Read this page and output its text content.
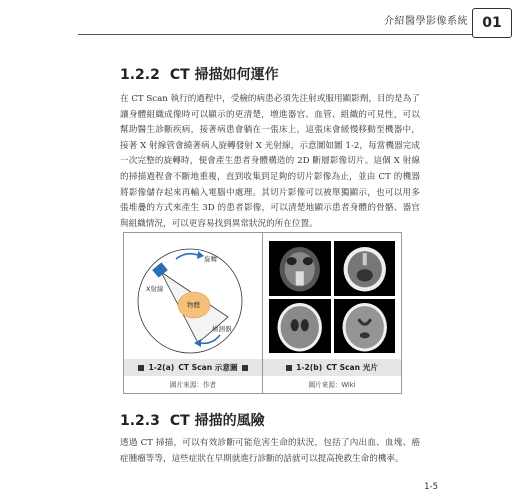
介紹醫學影像系統	01
1.2.2 CT 掃描如何運作
在 CT Scan 執行的過程中，受檢的病患必須先注射或服用顯影劑，目的是為了讓身體組織成像時可以顯示的更清楚，增進器官、血管、組織的可見性，可以幫助醫生診斷疾病，接著病患會躺在一張床上，這張床會緩慢移動至機器中，接著 X 射線管會繞著病人旋轉發射 X 光射線，示意圖如圖 1-2，每當機器完成一次完整的旋轉時，便會產生患者身體構造的 2D 斷層影像切片。這個 X 射線的掃描過程會不斷地重複，直到收集到足夠的切片影像為止，並由 CT 的機器將影像儲存起來再輸入電腦中處理。其切片影像可以被單獨顯示，也可以用多張堆疊的方式來產生 3D 的患者影像，可以清楚地顯示患者身體的骨骼、器官與組織情況，可以更容易找到異常狀況的所在位置。
旋轉
X射線
物體
檢測器
1-2(a) CT Scan 示意圖
圖片來源：作者
1-2(b) CT Scan 光片
圖片來源：Wiki
1.2.3 CT 掃描的風險
透過 CT 掃描，可以有效診斷可能危害生命的狀況，包括了內出血、血塊、癌症腫瘤等等，這些症狀在早期就進行診斷的話就可以提高挽救生命的機率。
1-5
